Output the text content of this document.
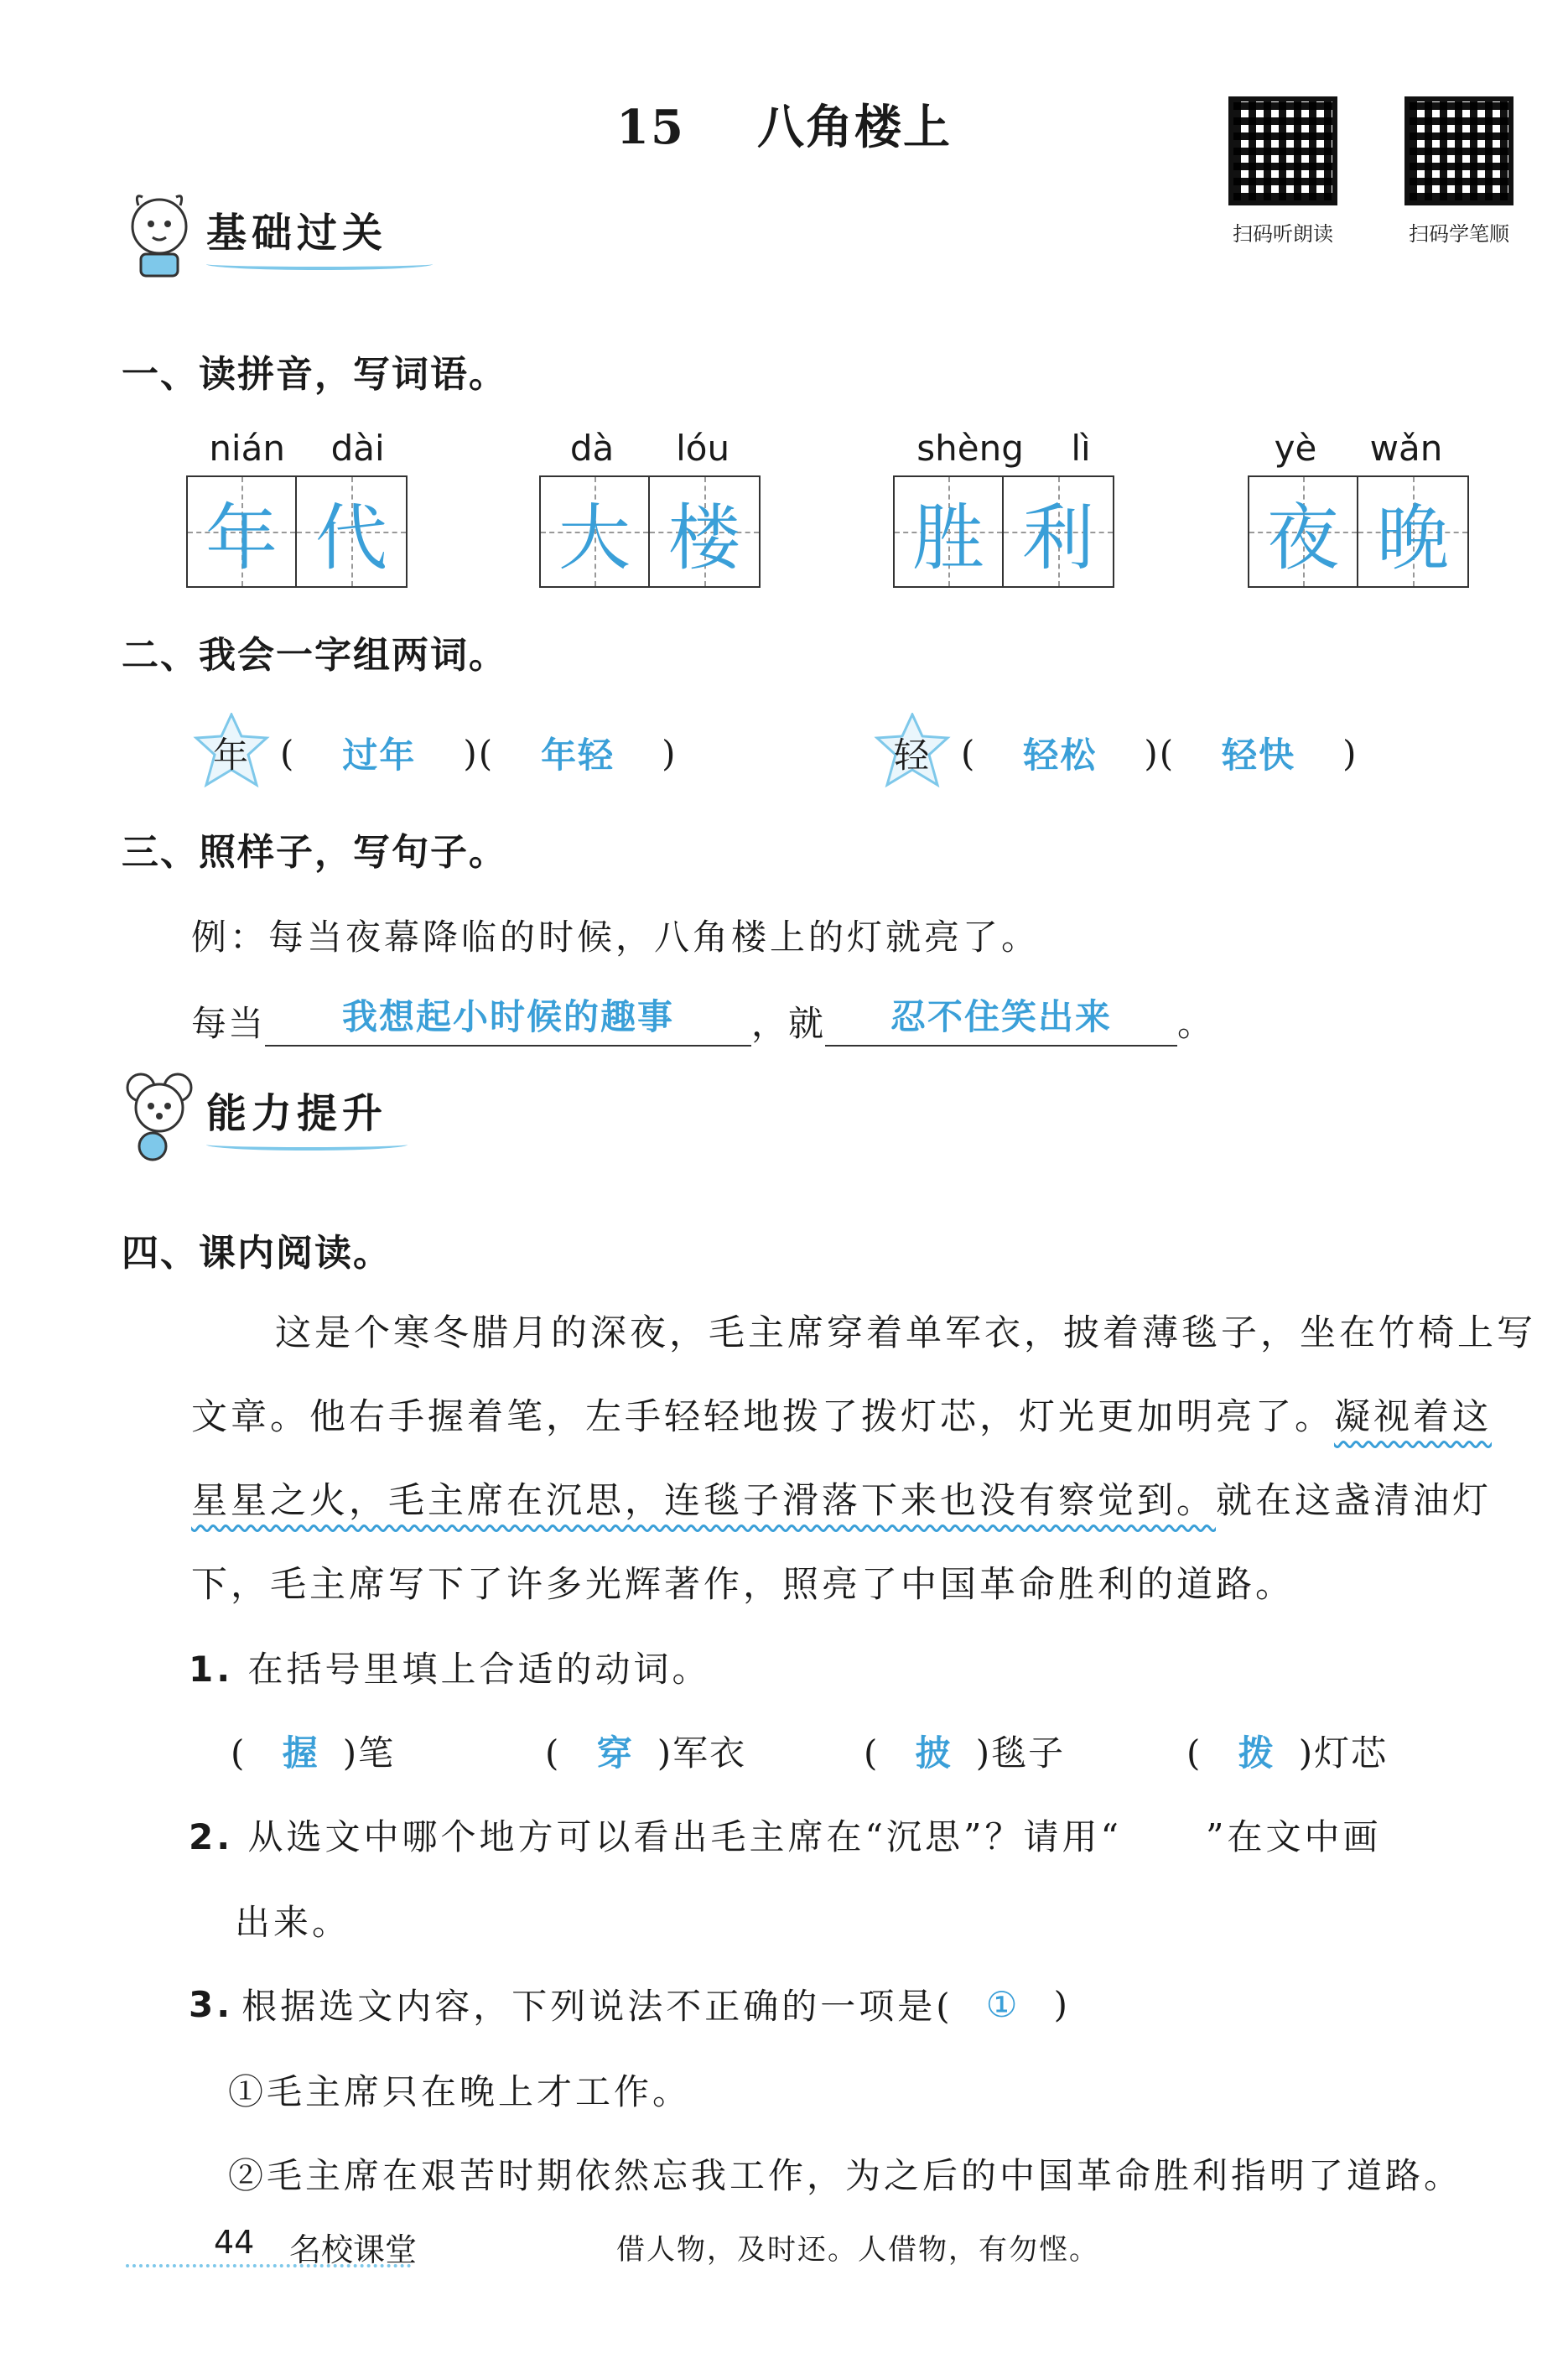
15 八角楼上
扫码听朗读	扫码学笔顺
基础过关
一、读拼音，写词语。
nián dài
年 代
dà lóu
大 楼
shèng lì
胜 利
yè wǎn
夜 晚
二、我会一字组两词。
年 (	过年	)(	年轻	)	轻 (	轻松	)(	轻快	)
三、照样子，写句子。
例：每当夜幕降临的时候，八角楼上的灯就亮了。
每当	我想起小时候的趣事	，就	忍不住笑出来	。
能力提升
四、课内阅读。
这是个寒冬腊月的深夜，毛主席穿着单军衣，披着薄毯子，坐在竹椅上写
文章。他右手握着笔，左手轻轻地拨了拨灯芯，灯光更加明亮了。凝视着这
星星之火，毛主席在沉思，连毯子滑落下来也没有察觉到。就在这盏清油灯
下，毛主席写下了许多光辉著作，照亮了中国革命胜利的道路。
1. 在括号里填上合适的动词。
( 握 )笔	( 穿 )军衣	( 披 )毯子	( 拨 )灯芯
2. 从选文中哪个地方可以看出毛主席在“沉思”？请用“ ”在文中画
出来。
3. 根据选文内容，下列说法不正确的一项是( ① )
①毛主席只在晚上才工作。
②毛主席在艰苦时期依然忘我工作，为之后的中国革命胜利指明了道路。
44 名校课堂	借人物，及时还。人借物，有勿悭。
